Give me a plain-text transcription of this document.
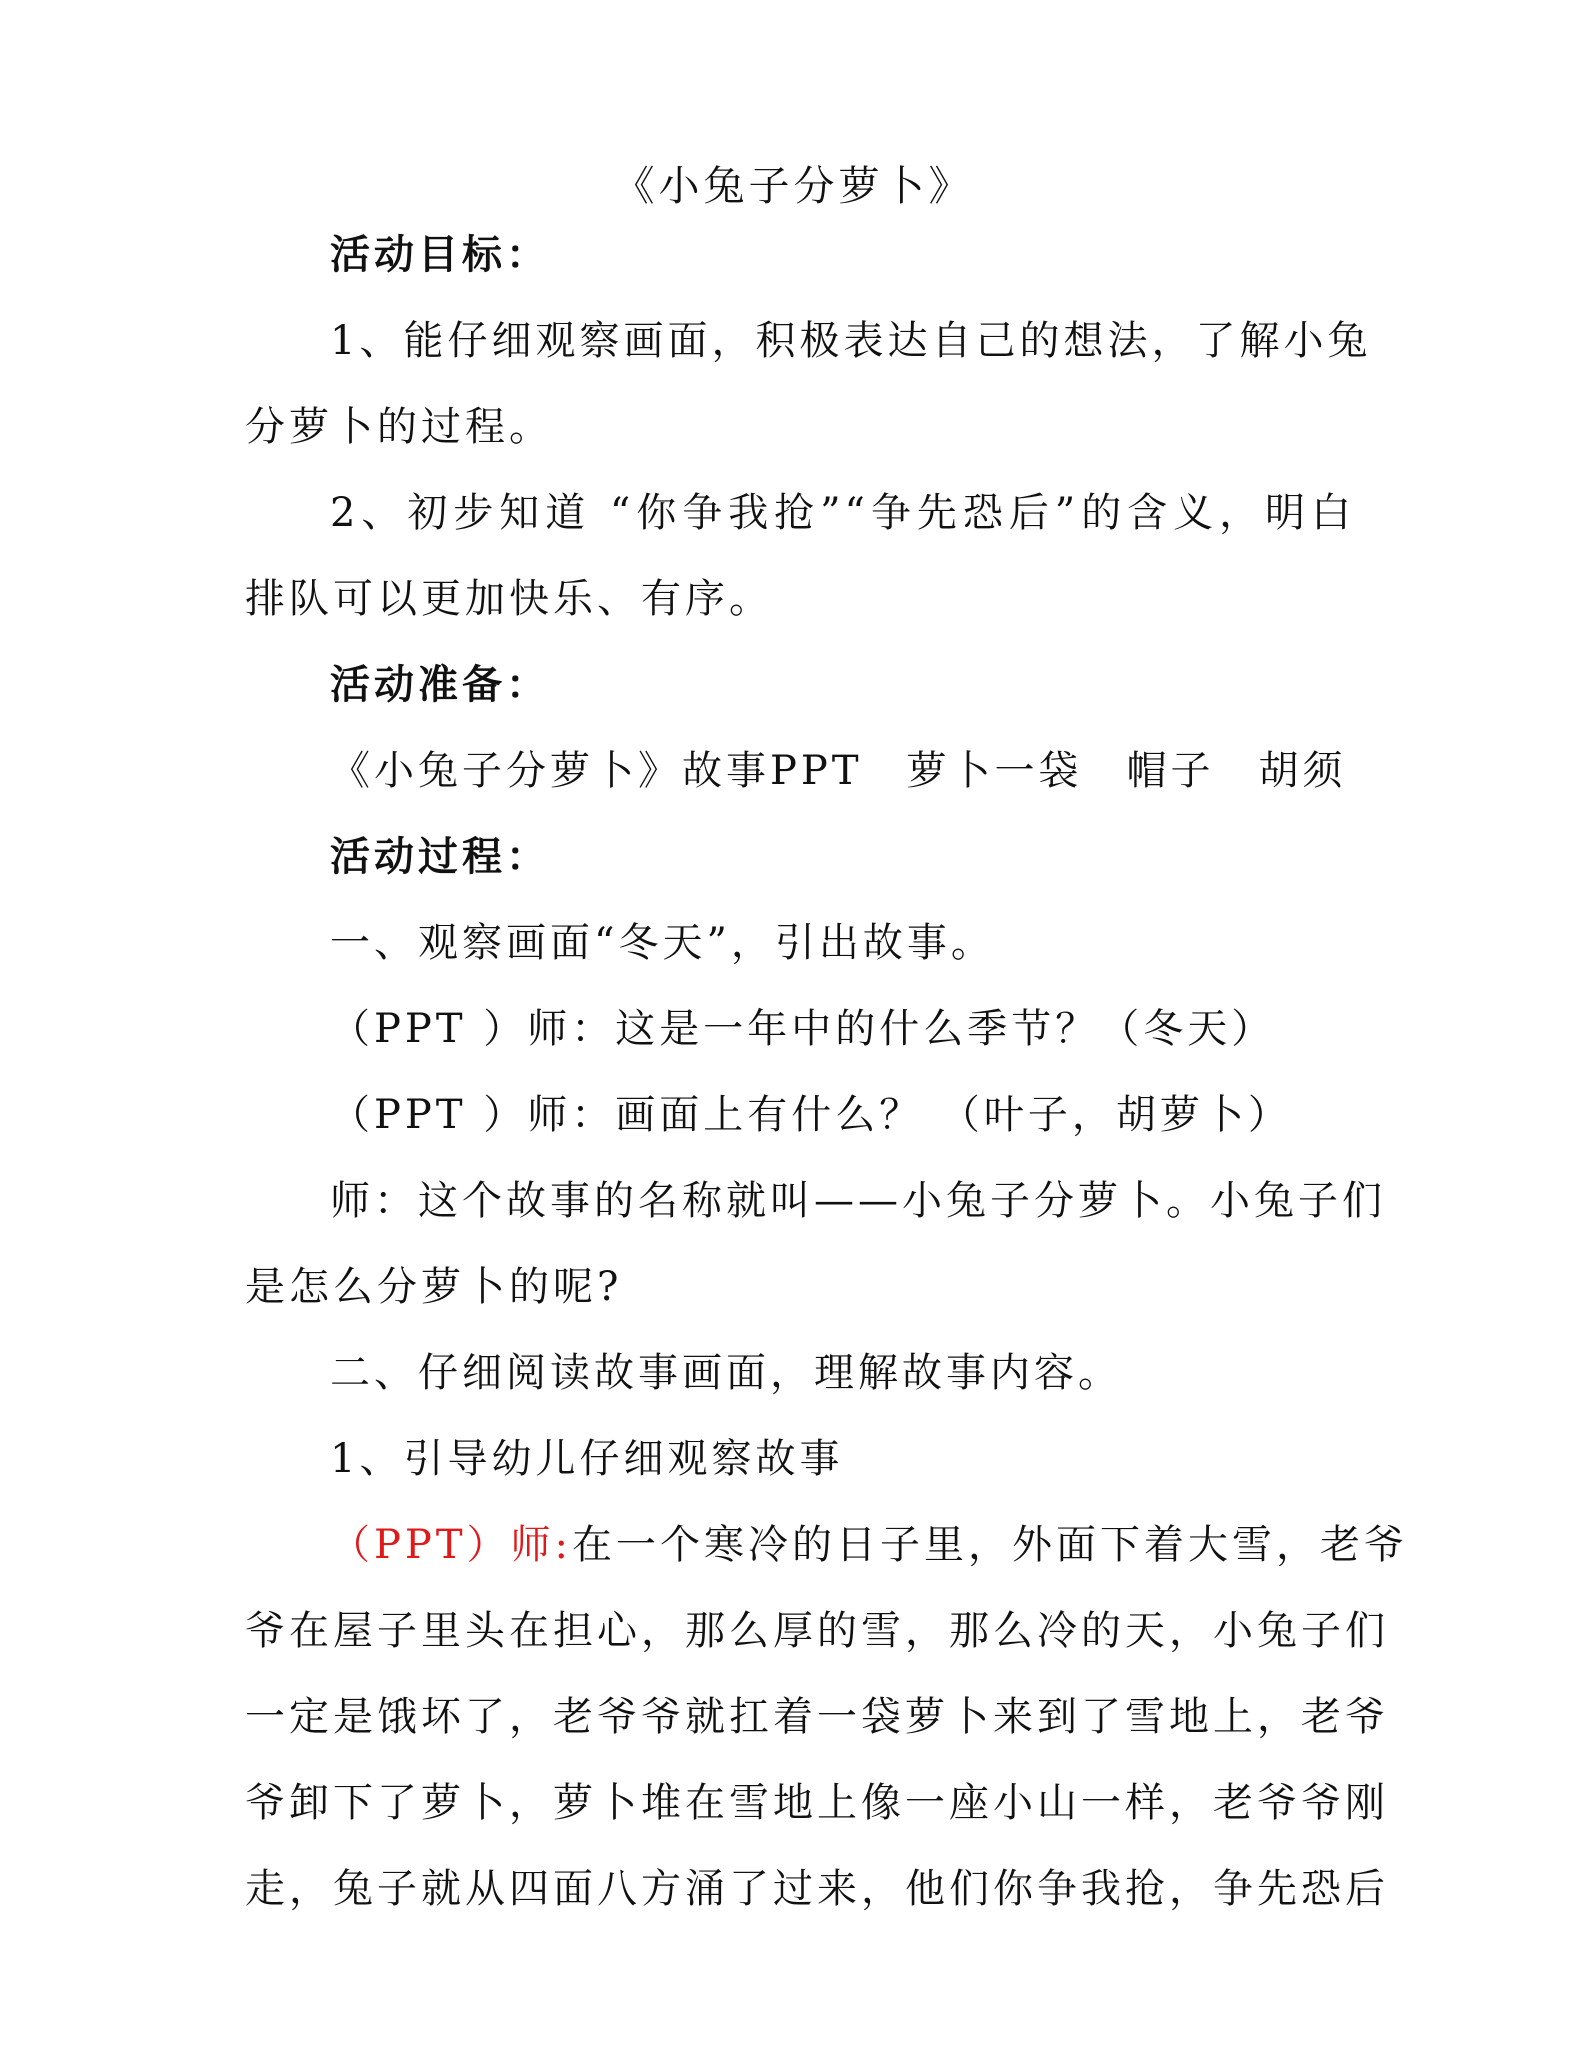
《小兔子分萝卜》
活动目标：
1、能仔细观察画面，积极表达自己的想法，了解小兔
分萝卜的过程。
2、初步知道 “你争我抢”“争先恐后”的含义，明白
排队可以更加快乐、有序。
活动准备：
《小兔子分萝卜》故事PPT　萝卜一袋　帽子　胡须
活动过程：
一、观察画面“冬天”，引出故事。
（PPT ）师：这是一年中的什么季节？（冬天）
（PPT ）师：画面上有什么？ （叶子，胡萝卜）
师：这个故事的名称就叫——小兔子分萝卜。小兔子们
是怎么分萝卜的呢?
二、仔细阅读故事画面，理解故事内容。
1、引导幼儿仔细观察故事
（PPT）师:在一个寒冷的日子里，外面下着大雪，老爷
爷在屋子里头在担心，那么厚的雪，那么冷的天，小兔子们
一定是饿坏了，老爷爷就扛着一袋萝卜来到了雪地上，老爷
爷卸下了萝卜，萝卜堆在雪地上像一座小山一样，老爷爷刚
走，兔子就从四面八方涌了过来，他们你争我抢，争先恐后
